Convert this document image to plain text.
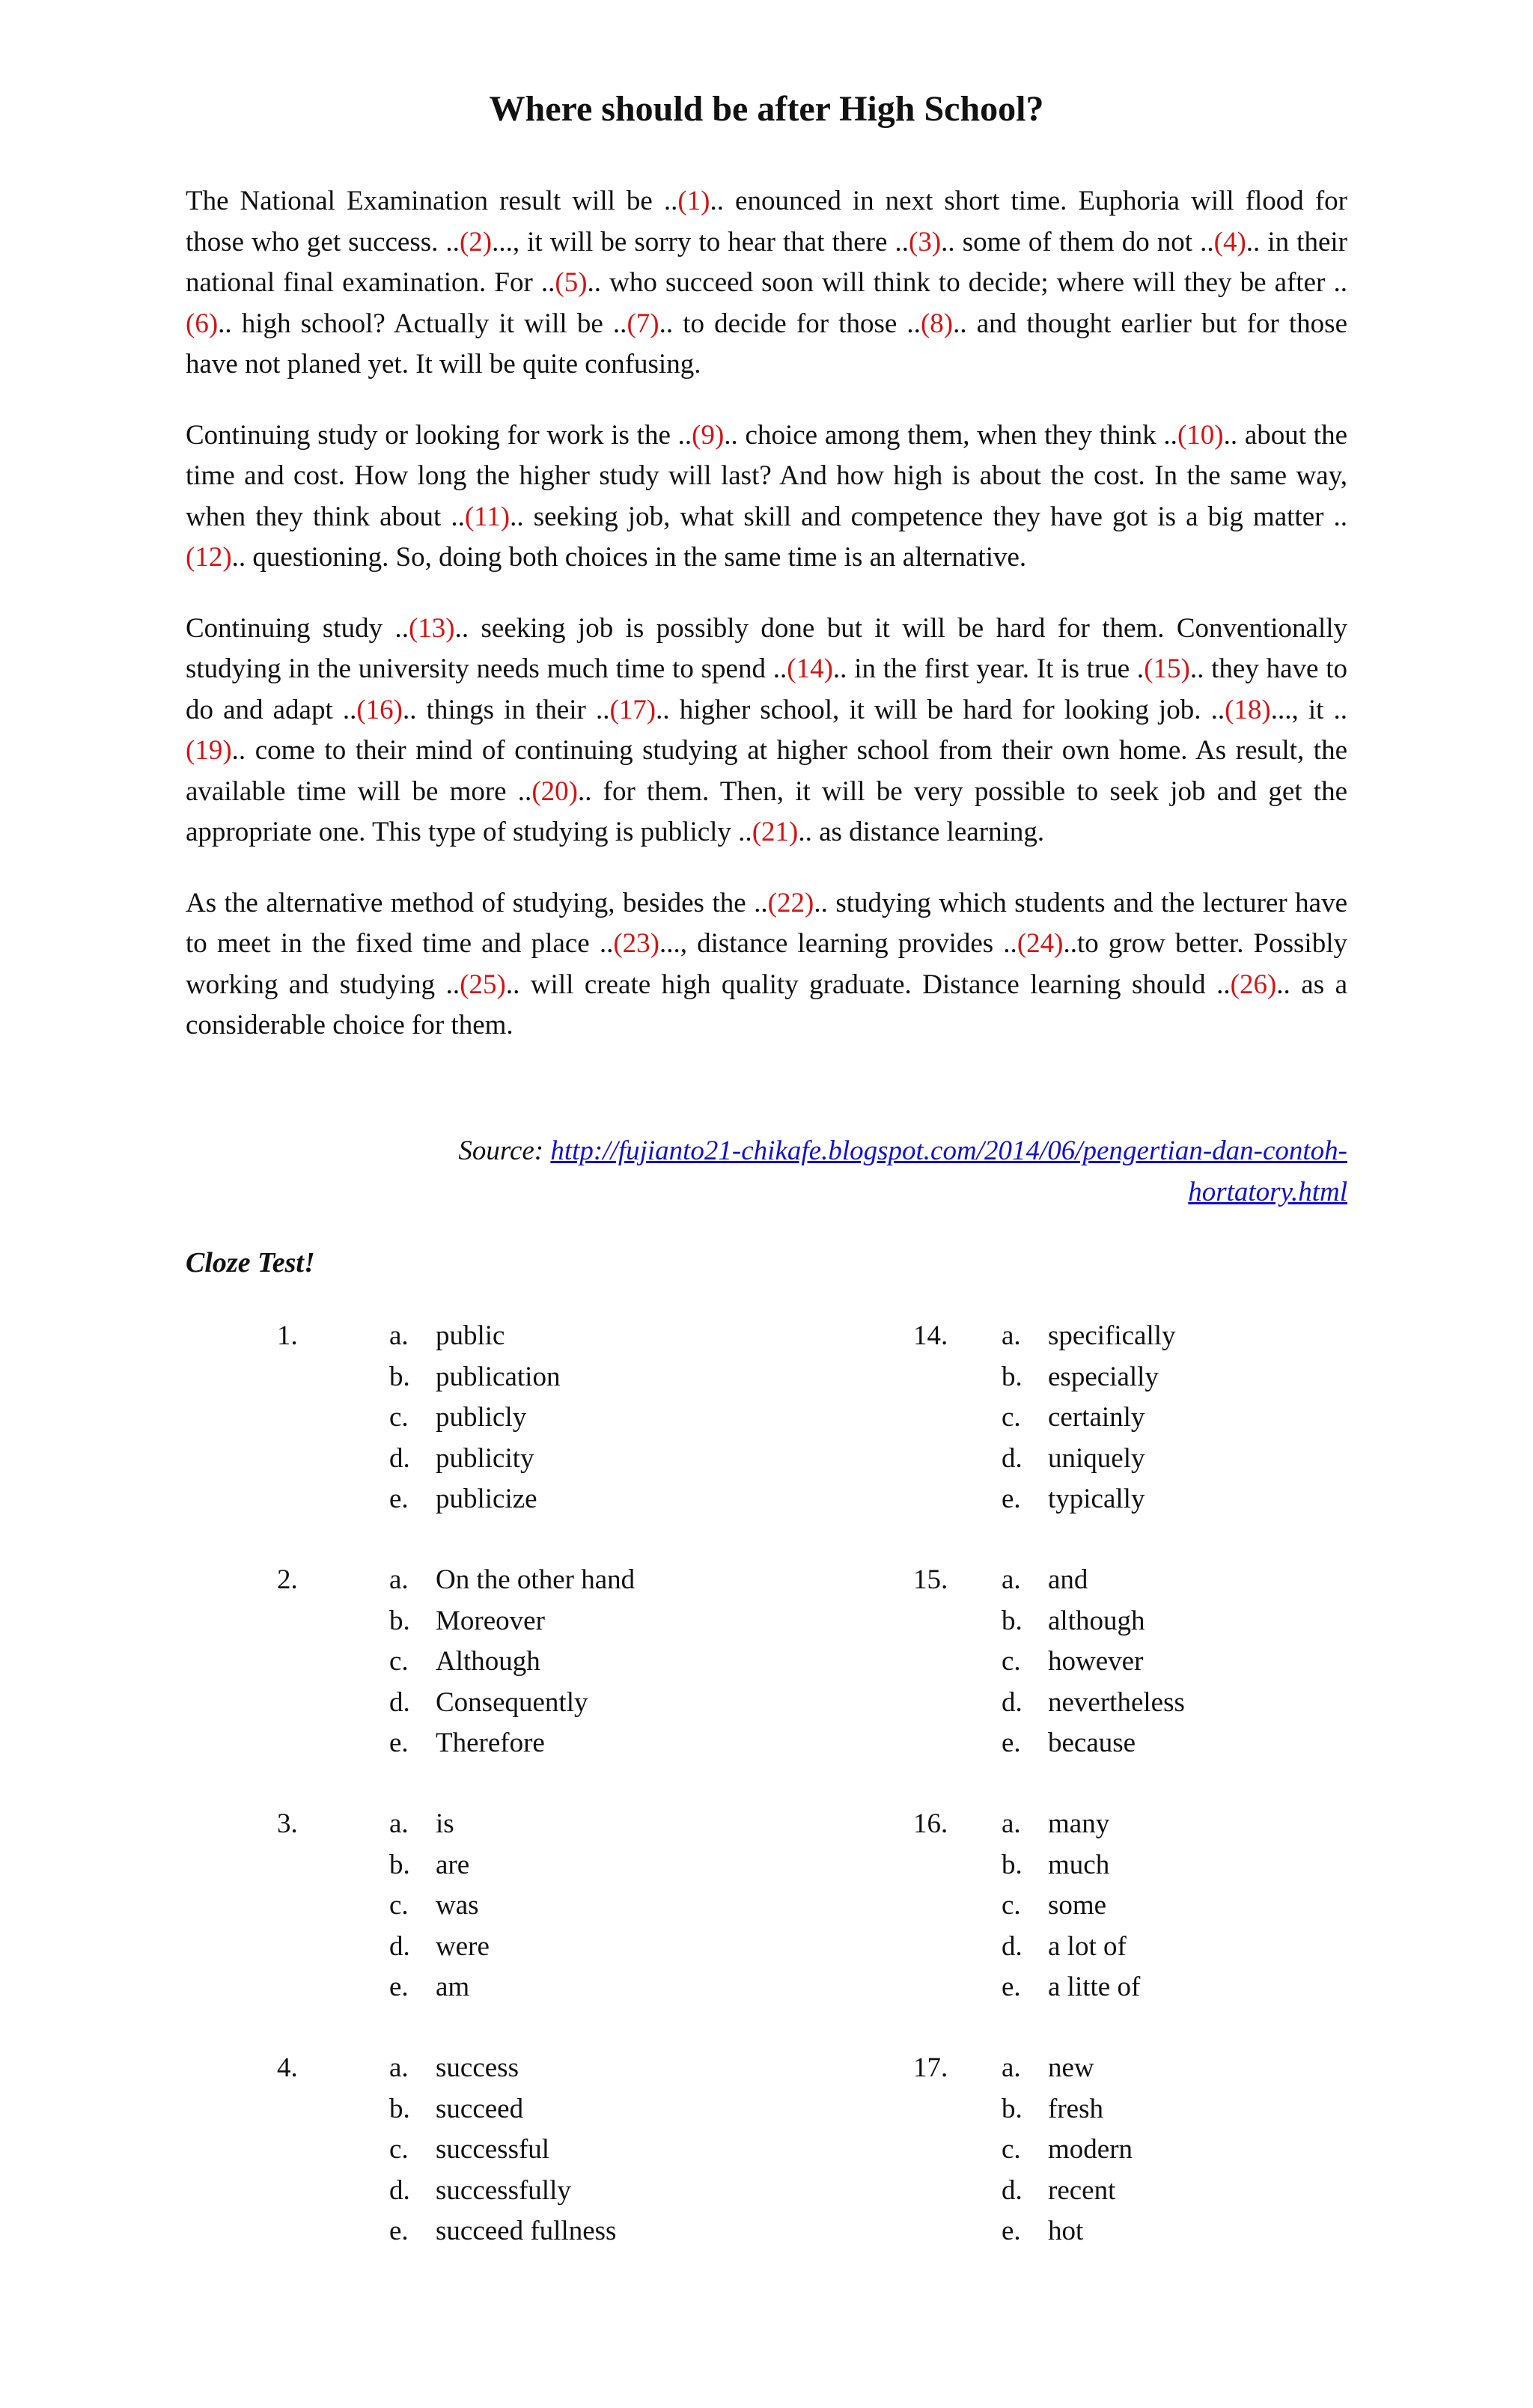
Where should be after High School?

The National Examination result will be ..(1).. enounced in next short time. Euphoria will flood for those who get success. ..(2)..., it will be sorry to hear that there ..(3).. some of them do not ..(4).. in their national final examination. For ..(5).. who succeed soon will think to decide; where will they be after ..(6).. high school? Actually it will be ..(7).. to decide for those ..(8).. and thought earlier but for those have not planed yet. It will be quite confusing.

Continuing study or looking for work is the ..(9).. choice among them, when they think ..(10).. about the time and cost. How long the higher study will last? And how high is about the cost. In the same way, when they think about ..(11).. seeking job, what skill and competence they have got is a big matter ..(12).. questioning. So, doing both choices in the same time is an alternative.

Continuing study ..(13).. seeking job is possibly done but it will be hard for them. Conventionally studying in the university needs much time to spend ..(14).. in the first year. It is true .(15).. they have to do and adapt ..(16).. things in their ..(17).. higher school, it will be hard for looking job. ..(18)..., it ..(19).. come to their mind of continuing studying at higher school from their own home. As result, the available time will be more ..(20).. for them. Then, it will be very possible to seek job and get the appropriate one. This type of studying is publicly ..(21).. as distance learning.

As the alternative method of studying, besides the ..(22).. studying which students and the lecturer have to meet in the fixed time and place ..(23)..., distance learning provides ..(24)..to grow better. Possibly working and studying ..(25).. will create high quality graduate. Distance learning should ..(26).. as a considerable choice for them.

Source: http://fujianto21-chikafe.blogspot.com/2014/06/pengertian-dan-contoh-
hortatory.html
Cloze Test!
1.	a. public
b. publication
c. publicly
d. publicity
e. publicize
2.	a. On the other hand
b. Moreover
c. Although
d. Consequently
e. Therefore
3.	a. is
b. are
c. was
d. were
e. am
4.	a. success
b. succeed
c. successful
d. successfully
e. succeed fullness
14. a. specifically
b. especially
c. certainly
d. uniquely
e. typically
15. a. and
b. although
c. however
d. nevertheless
e. because
16. a. many
b. much
c. some
d. a lot of
e. a litte of
17. a. new
b. fresh
c. modern
d. recent
e. hot
